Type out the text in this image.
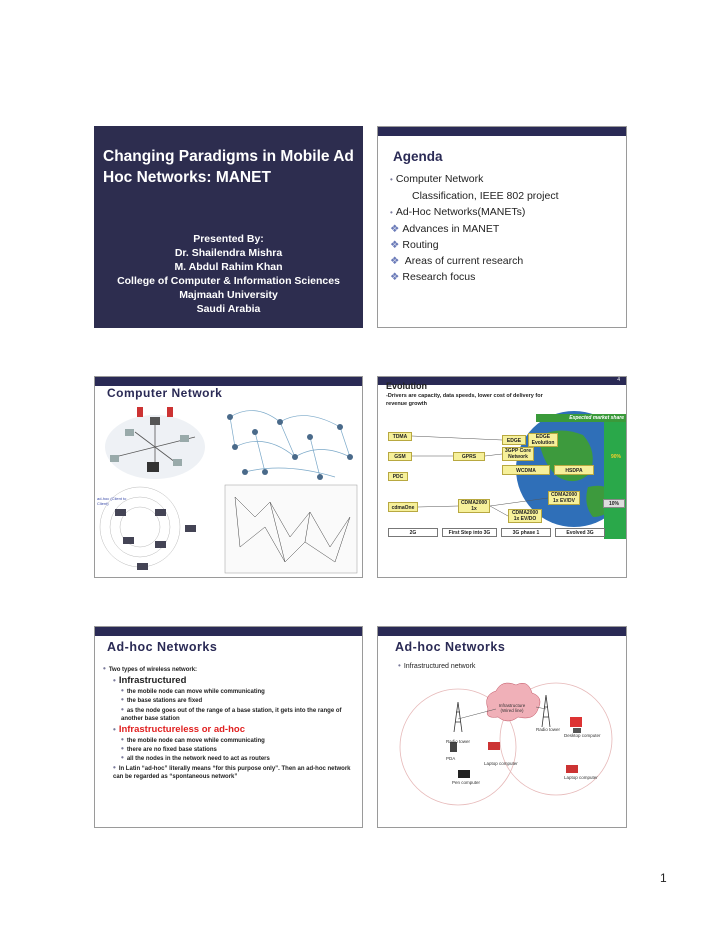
Changing Paradigms in Mobile Ad Hoc Networks: MANET
Presented By:
Dr. Shailendra Mishra
M. Abdul Rahim Khan
College of Computer & Information Sciences
Majmaah University
Saudi Arabia
Agenda
• Computer Network
Classification, IEEE 802 project
• Ad-Hoc Networks(MANETs)
❖ Advances in MANET
❖ Routing
❖ Areas of current research
❖ Research focus
Computer Network
ad-hoc (Client to Client)
4
Evolution
-Drivers are capacity, data speeds, lower cost of delivery for revenue growth
Expected market share
TDMA
GSM	GPRS
PDC
EDGE
EDGE Evolution
3GPP Core Network
WCDMA	HSDPA
90%
cdmaOne
CDMA2000 1x
CDMA2000 1x EV/DO
CDMA2000 1x EV/DV	10%
2G	First Step into 3G	3G phase 1	Evolved 3G
Ad-hoc Networks
• Two types of wireless network:
• Infrastructured
• the mobile node can move while communicating
• the base stations are fixed
• as the node goes out of the range of a base station, it gets into the range of another base station
• Infrastructureless or ad-hoc
• the mobile node can move while communicating
• there are no fixed base stations
• all the nodes in the network need to act as routers
• In Latin “ad-hoc” literally means “for this purpose only”. Then an ad-hoc network can be regarded as “spontaneous network”
Ad-hoc Networks
• Infrastructured network
Infrastructure (Wired line)
Radio tower
Radio tower
Desktop computer
PDA
Laptop computer
Laptop computer
Pen computer
1
